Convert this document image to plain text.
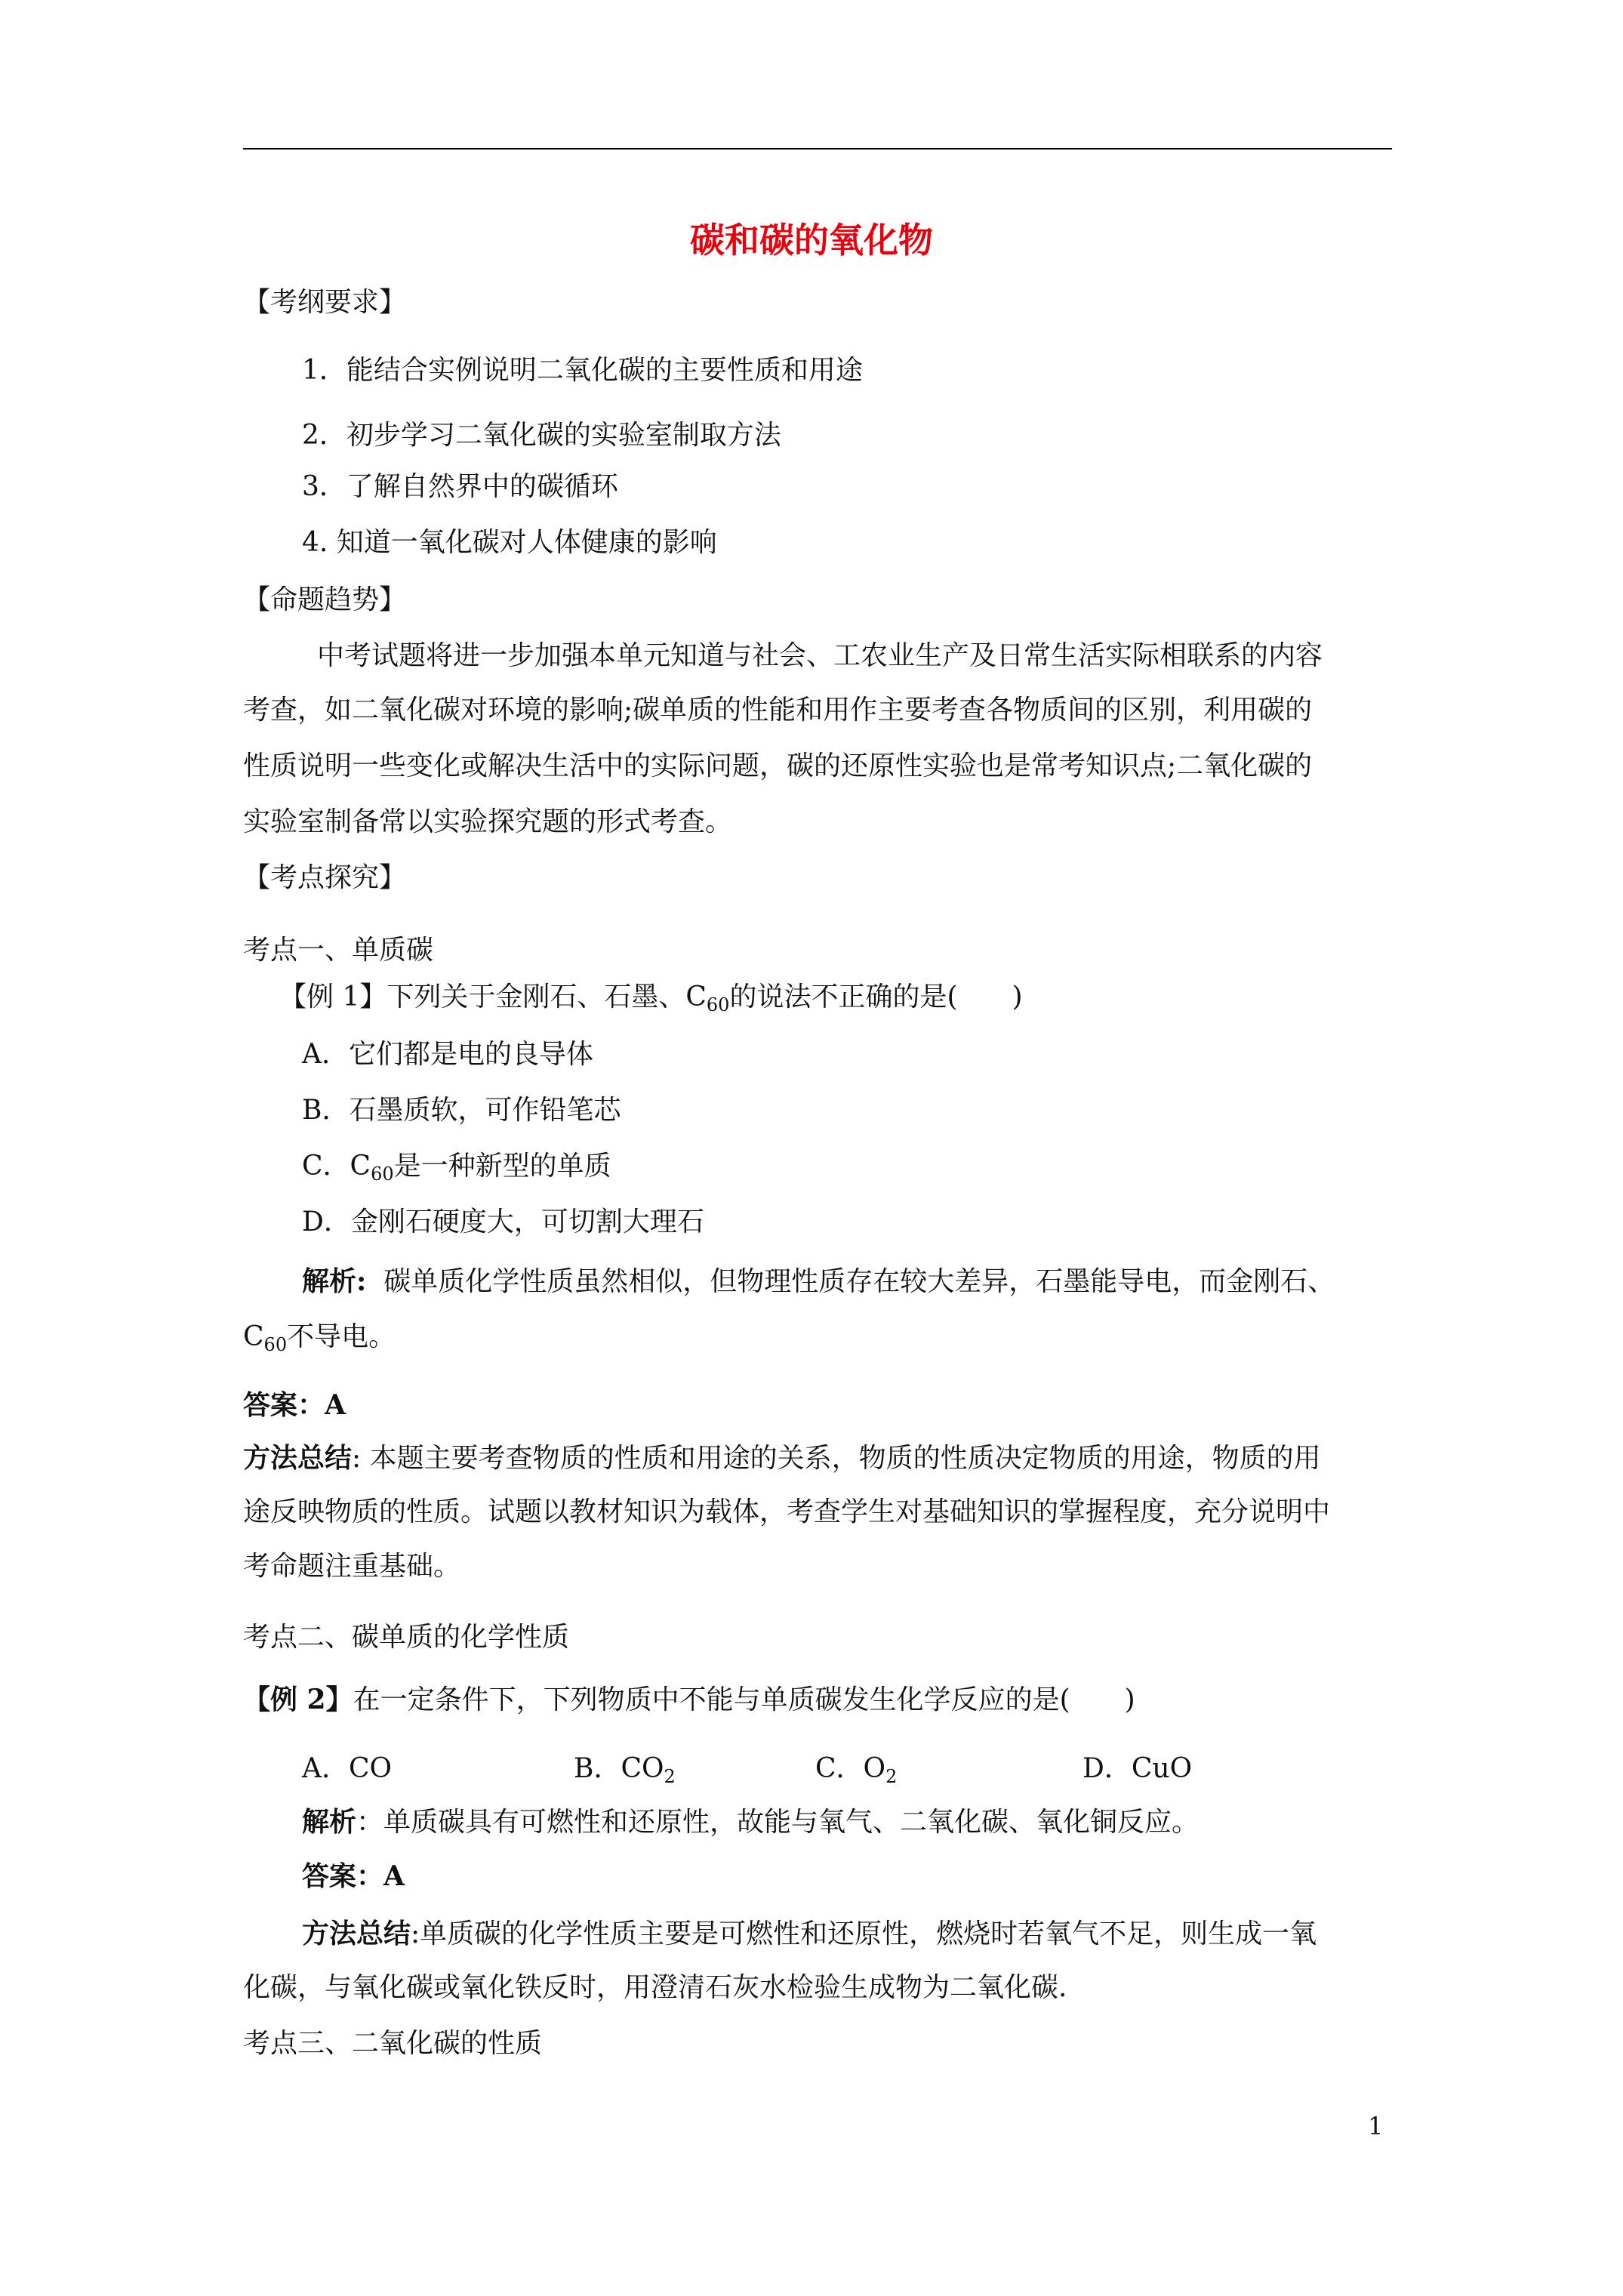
碳和碳的氧化物
【考纲要求】
1．能结合实例说明二氧化碳的主要性质和用途
2．初步学习二氧化碳的实验室制取方法
3．了解自然界中的碳循环
4. 知道一氧化碳对人体健康的影响
【命题趋势】
中考试题将进一步加强本单元知道与社会、工农业生产及日常生活实际相联系的内容
考查，如二氧化碳对环境的影响;碳单质的性能和用作主要考查各物质间的区别，利用碳的
性质说明一些变化或解决生活中的实际问题，碳的还原性实验也是常考知识点;二氧化碳的
实验室制备常以实验探究题的形式考查。
【考点探究】
考点一、单质碳
【例 1】下列关于金刚石、石墨、$C_{60}$的说法不正确的是(　　)
A．它们都是电的良导体
B．石墨质软，可作铅笔芯
C．$C_{60}$是一种新型的单质
D．金刚石硬度大，可切割大理石
解析: 碳单质化学性质虽然相似，但物理性质存在较大差异，石墨能导电，而金刚石、
$C_{60}$不导电。
答案：A
方法总结: 本题主要考查物质的性质和用途的关系，物质的性质决定物质的用途，物质的用
途反映物质的性质。试题以教材知识为载体，考查学生对基础知识的掌握程度，充分说明中
考命题注重基础。
考点二、碳单质的化学性质
【例 2】在一定条件下，下列物质中不能与单质碳发生化学反应的是(　　)
A．CO	B．$CO_2$	C．$O_2$	D．CuO
解析：单质碳具有可燃性和还原性，故能与氧气、二氧化碳、氧化铜反应。
答案：A
方法总结:单质碳的化学性质主要是可燃性和还原性，燃烧时若氧气不足，则生成一氧
化碳，与氧化碳或氧化铁反时，用澄清石灰水检验生成物为二氧化碳.
考点三、二氧化碳的性质
1
